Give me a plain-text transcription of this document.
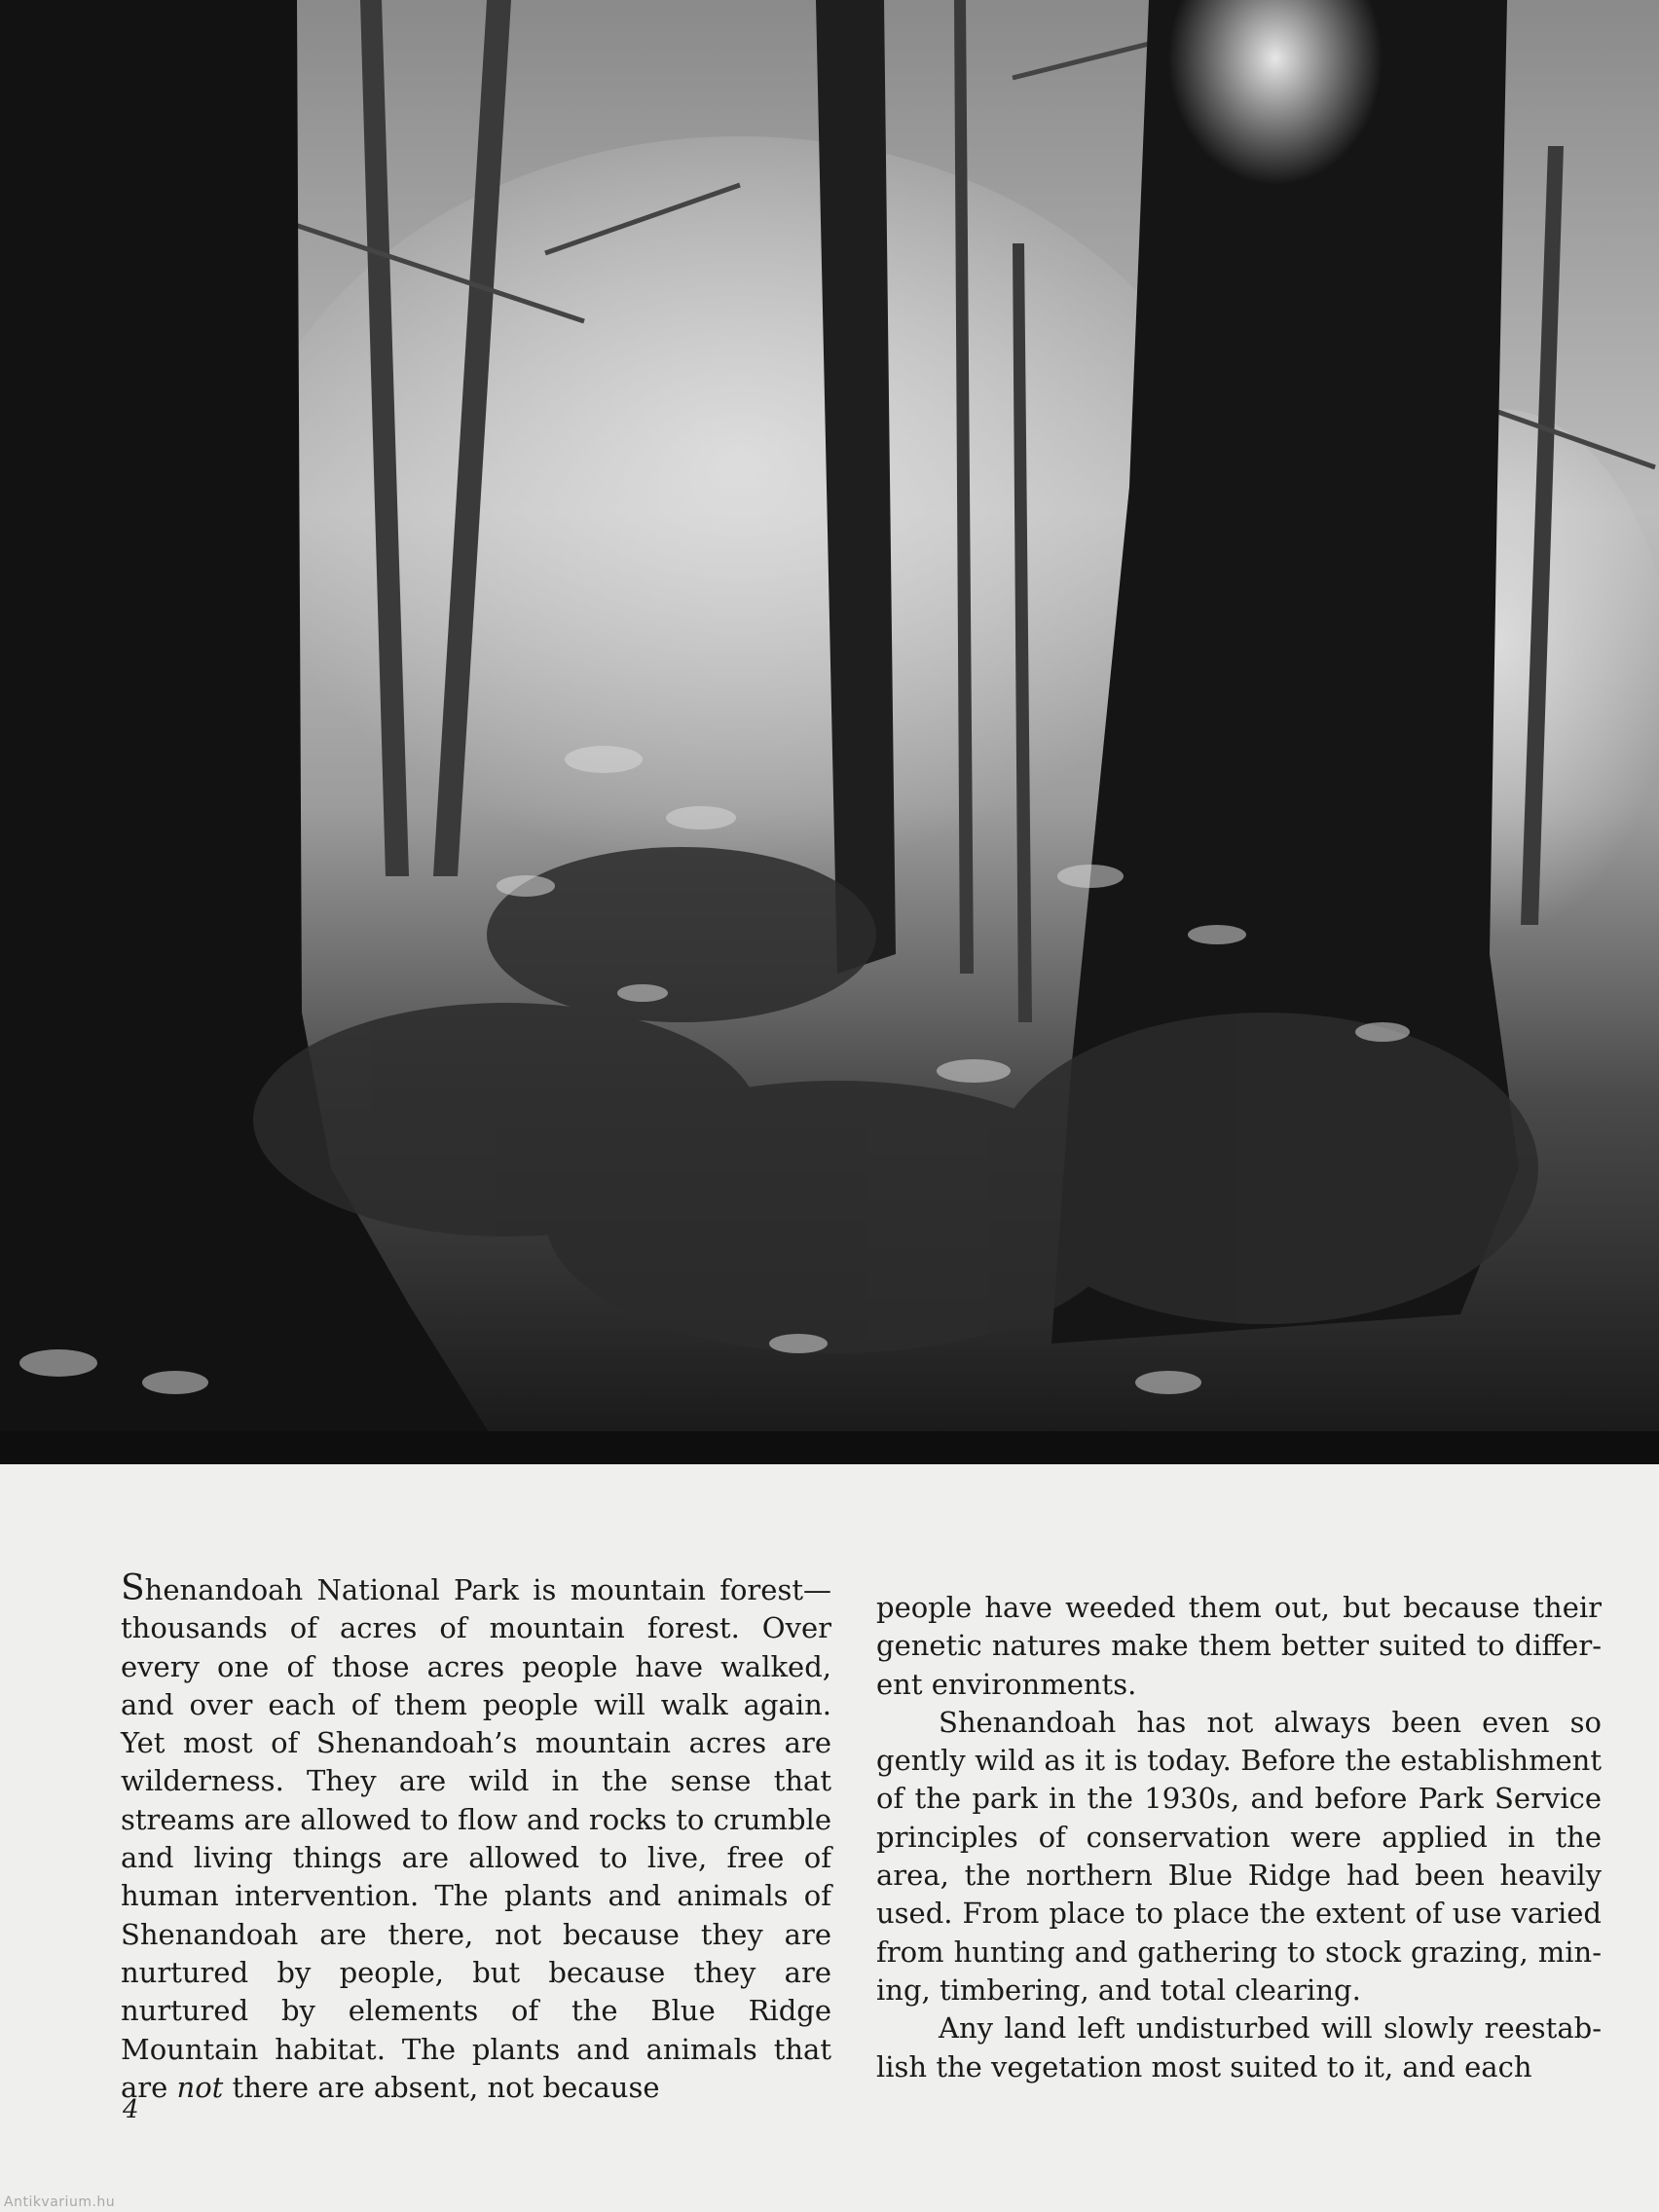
Shenandoah National Park is mountain forest—thousands of acres of mountain forest. Over every one of those acres people have walked, and over each of them people will walk again. Yet most of Shenandoah’s mountain acres are wilderness. They are wild in the sense that streams are allowed to flow and rocks to crumble and living things are allowed to live, free of human intervention. The plants and animals of Shenandoah are there, not because they are nurtured by people, but because they are nurtured by elements of the Blue Ridge Mountain habitat. The plants and animals that are not there are absent, not because

people have weeded them out, but because their genetic natures make them better suited to different environments.

Shenandoah has not always been even so gently wild as it is today. Before the establishment of the park in the 1930s, and before Park Service principles of conservation were applied in the area, the northern Blue Ridge had been heavily used. From place to place the extent of use varied from hunting and gathering to stock grazing, mining, timbering, and total clearing.

Any land left undisturbed will slowly reestablish the vegetation most suited to it, and each

4
Antikvarium.hu
